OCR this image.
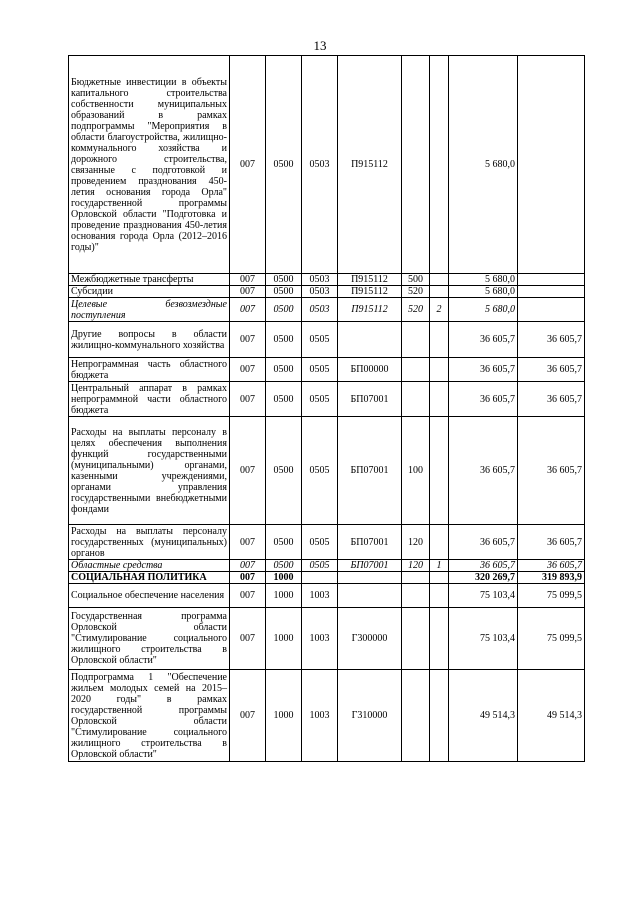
13
Бюджетные инвестиции в объекты капитального строительства собственности муниципальных образований в рамках подпрограммы "Мероприятия в области благоустройства, жилищно-коммунального хозяйства и дорожного строительства, связанные с подготовкой и проведением празднования 450-летия основания города Орла" государственной программы Орловской области "Подготовка и проведение празднования 450-летия основания города Орла (2012–2016 годы)"	007	0500	0503	П915112			5 680,0	
Межбюджетные трансферты	007	0500	0503	П915112	500		5 680,0	
Субсидии	007	0500	0503	П915112	520		5 680,0	
Целевые безвозмездные поступления	007	0500	0503	П915112	520	2	5 680,0	
Другие вопросы в области жилищно-коммунального хозяйства	007	0500	0505				36 605,7	36 605,7
Непрограммная часть областного бюджета	007	0500	0505	БП00000			36 605,7	36 605,7
Центральный аппарат в рамках непрограммной части областного бюджета	007	0500	0505	БП07001			36 605,7	36 605,7
Расходы на выплаты персоналу в целях обеспечения выполнения функций государственными (муниципальными) органами, казенными учреждениями, органами управления государственными внебюджетными фондами	007	0500	0505	БП07001	100		36 605,7	36 605,7
Расходы на выплаты персоналу государственных (муниципальных) органов	007	0500	0505	БП07001	120		36 605,7	36 605,7
Областные средства	007	0500	0505	БП07001	120	1	36 605,7	36 605,7
СОЦИАЛЬНАЯ ПОЛИТИКА	007	1000					320 269,7	319 893,9
Социальное обеспечение населения	007	1000	1003				75 103,4	75 099,5
Государственная программа Орловской области "Стимулирование социального жилищного строительства в Орловской области"	007	1000	1003	Г300000			75 103,4	75 099,5
Подпрограмма 1 "Обеспечение жильем молодых семей на 2015–2020 годы" в рамках государственной программы Орловской области "Стимулирование социального жилищного строительства в Орловской области"	007	1000	1003	Г310000			49 514,3	49 514,3
